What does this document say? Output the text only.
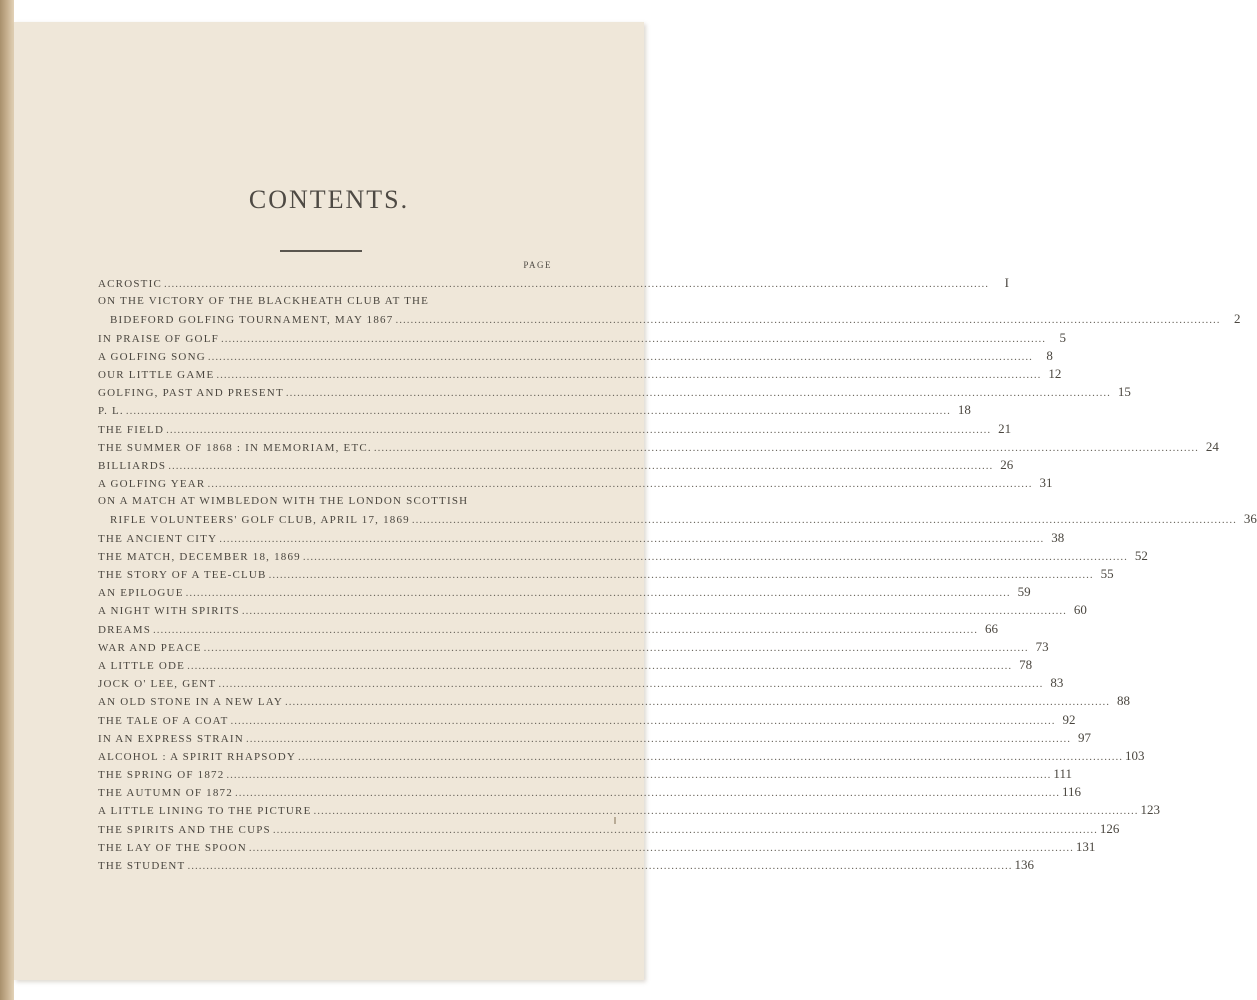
CONTENTS.
PAGE
ACROSTIC ............................................................................................................................................................................................................................	I
ON THE VICTORY OF THE BLACKHEATH CLUB AT THE
BIDEFORD GOLFING TOURNAMENT, MAY 1867 ............................................................................................................................................................................................................................	2
IN PRAISE OF GOLF ............................................................................................................................................................................................................................	5
A GOLFING SONG ............................................................................................................................................................................................................................	8
OUR LITTLE GAME ............................................................................................................................................................................................................................ 12
GOLFING, PAST AND PRESENT ............................................................................................................................................................................................................................ 15
P. L. ............................................................................................................................................................................................................................ 18
THE FIELD ............................................................................................................................................................................................................................ 21
THE SUMMER OF 1868 : IN MEMORIAM, ETC. ............................................................................................................................................................................................................................ 24
BILLIARDS ............................................................................................................................................................................................................................ 26
A GOLFING YEAR ............................................................................................................................................................................................................................ 31
ON A MATCH AT WIMBLEDON WITH THE LONDON SCOTTISH
RIFLE VOLUNTEERS' GOLF CLUB, APRIL 17, 1869 ............................................................................................................................................................................................................................ 36
THE ANCIENT CITY ............................................................................................................................................................................................................................ 38
THE MATCH, DECEMBER 18, 1869 ............................................................................................................................................................................................................................ 52
THE STORY OF A TEE-CLUB ............................................................................................................................................................................................................................ 55
AN EPILOGUE ............................................................................................................................................................................................................................ 59
A NIGHT WITH SPIRITS ............................................................................................................................................................................................................................ 60
DREAMS ............................................................................................................................................................................................................................ 66
WAR AND PEACE ............................................................................................................................................................................................................................ 73
A LITTLE ODE ............................................................................................................................................................................................................................ 78
JOCK O' LEE, GENT ............................................................................................................................................................................................................................ 83
AN OLD STONE IN A NEW LAY ............................................................................................................................................................................................................................ 88
THE TALE OF A COAT ............................................................................................................................................................................................................................ 92
IN AN EXPRESS STRAIN ............................................................................................................................................................................................................................ 97
ALCOHOL : A SPIRIT RHAPSODY ............................................................................................................................................................................................................................ 103
THE SPRING OF 1872 ............................................................................................................................................................................................................................ 111
THE AUTUMN OF 1872 ............................................................................................................................................................................................................................ 116
A LITTLE LINING TO THE PICTURE ............................................................................................................................................................................................................................ 123
THE SPIRITS AND THE CUPS ............................................................................................................................................................................................................................ 126
THE LAY OF THE SPOON ............................................................................................................................................................................................................................ 131
THE STUDENT ............................................................................................................................................................................................................................ 136
